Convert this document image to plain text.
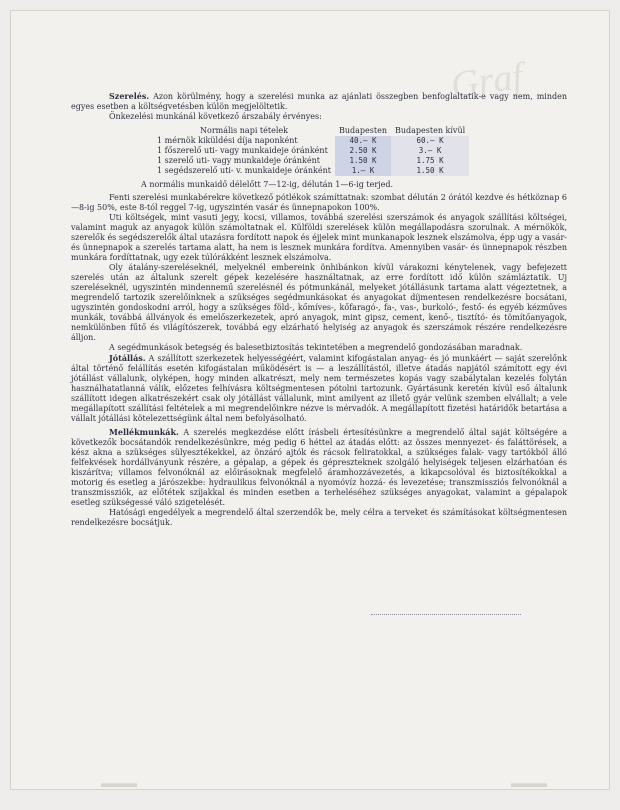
Graf

Szerelés. Azon körülmény, hogy a szerelési munka az ajánlati összegben benfoglaltatik-e vagy nem, minden egyes esetben a költségvetésben külön megjelöltetik.

Önkezelési munkánál következő árszabály érvényes:

Normális napi tételek	Budapesten	Budapesten kívül
1 mérnök kiküldési díja naponként	40.— K	60.— K
1 főszerelő uti- vagy munkaideje óránként	2.50 K	3.— K
1 szerelő uti- vagy munkaideje óránként	1.50 K	1.75 K
1 segédszerelő uti- v. munkaideje óránként	1.— K	1.50 K

A normális munkaidő délelőtt 7—12-ig, délután 1—6-ig terjed.

Fenti szerelési munkabérekre következő pótlékok számíttatnak: szombat délután 2 órától kezdve és hétköznap 6—8-ig 50%, este 8-tól reggel 7-ig, ugyszintén vasár és ünnepnapokon 100%.

Uti költségek, mint vasuti jegy, kocsi, villamos, továbbá szerelési szerszámok és anyagok szállítási költségei, valamint maguk az anyagok külön számoltatnak el. Külföldi szerelések külön megállapodásra szorulnak. A mérnökök, szerelők és segédszerelők által utazásra fordított napok és éjjelek mint munkanapok lesznek elszámolva, épp ugy a vasár- és ünnepnapok a szerelés tartama alatt, ha nem is lesznek munkára fordítva. Amennyiben vasár- és ünnepnapok részben munkára fordíttatnak, ugy ezek túlórákként lesznek elszámolva.

Oly átalány-szereléseknél, melyeknél embereink önhibánkon kívül várakozni kénytelenek, vagy befejezett szerelés után az általunk szerelt gépek kezelésére használtatnak, az erre fordított idő külön számláztatik. Uj szereléseknél, ugyszintén mindennemű szerelésnél és pótmunkánál, melyeket jótállásunk tartama alatt végeztetnek, a megrendelő tartozik szerelőinknek a szükséges segédmunkásokat és anyagokat díjmentesen rendelkezésre bocsátani, ugyszintén gondoskodni arról, hogy a szükséges föld-, kőmíves-, kőfaragó-, fa-, vas-, burkoló-, festő- és egyéb kézműves munkák, továbbá állványok és emelőszerkezetek, apró anyagok, mint gipsz, cement, kenő-, tisztító- és tömítőanyagok, nemkülönben fűtő és világítószerek, továbbá egy elzárható helyiség az anyagok és szerszámok részére rendelkezésre álljon.

A segédmunkások betegség és balesetbiztosítás tekintetében a megrendelő gondozásában maradnak.

Jótállás. A szállított szerkezetek helyességéért, valamint kifogástalan anyag- és jó munkáért — saját szerelőnk által történő felállítás esetén kifogástalan működésért is — a leszállítástól, illetve átadás napjától számított egy évi jótállást vállalunk, olyképen, hogy minden alkatrészt, mely nem természetes kopás vagy szabálytalan kezelés folytán használhatatlanná válik, előzetes felhívásra költségmentesen pótolni tartozunk. Gyártásunk keretén kívül eső általunk szállított idegen alkatrészekért csak oly jótállást vállalunk, mint amilyent az illető gyár velünk szemben elvállalt; a vele megállapított szállítási feltételek a mi megrendelőinkre nézve is mérvadók. A megállapított fizetési határidők betartása a vállalt jótállási kötelezettségünk által nem befolyásolható.

Mellékmunkák. A szerelés megkezdése előtt írásbeli értesítésünkre a megrendelő által saját költségére a következők bocsátandók rendelkezésünkre, még pedig 6 héttel az átadás előtt: az összes mennyezet- és faláttörések, a kész akna a szükséges sülyesztékekkel, az önzáró ajtók és rácsok feliratokkal, a szükséges falak- vagy tartókból álló felfekvések hordállványunk részére, a gépalap, a gépek és gépreszteknek szolgáló helyiségek teljesen elzárhatóan és kiszárítva; villamos felvonóknál az előirásoknak megfelelő áramhozzávezetés, a kikapcsolóval és biztosítékokkal a motorig és esetleg a járószekbe: hydraulikus felvonóknál a nyomóvíz hozzá- és levezetése; transzmissziós felvonóknál a transzmissziók, az előtétek szíjakkal és minden esetben a terheléséhez szükséges anyagokat, valamint a gépalapok esetleg szükségessé váló szigetelését.

Hatósági engedélyek a megrendelő által szerzendők be, mely célra a terveket és számításokat költségmentesen rendelkezésre bocsátjuk.

▬▬▬	▬▬▬
